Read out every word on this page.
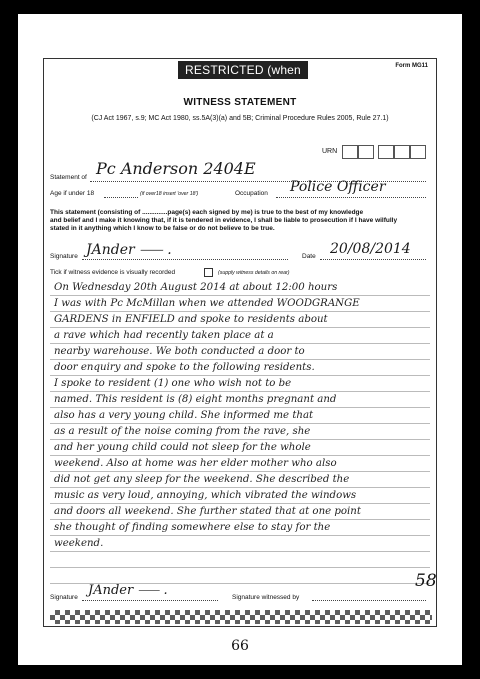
RESTRICTED (when complete)
Form MG11
WITNESS STATEMENT
(CJ Act 1967, s.9; MC Act 1980, ss.5A(3)(a) and 5B; Criminal Procedure Rules 2005, Rule 27.1)
URN
Statement of Pc Anderson 2404E
Age if under 18	(if over18 insert 'over 18')	Occupation Police Officer
This statement (consisting of ..............page(s) each signed by me) is true to the best of my knowledge
and belief and I make it knowing that, if it is tendered in evidence, I shall be liable to prosecution if I have wilfully
stated in it anything which I know to be false or do not believe to be true.
Signature JAnder ⸺ .	Date 20/08/2014
Tick if witness evidence is visually recorded	(supply witness details on rear)
On Wednesday 20th August 2014 at about 12:00 hours
I was with Pc McMillan when we attended WOODGRANGE
GARDENS in ENFIELD and spoke to residents about
a rave which had recently taken place at a
nearby warehouse. We both conducted a door to
door enquiry and spoke to the following residents.
I spoke to resident (1) one who wish not to be
named. This resident is (8) eight months pregnant and
also has a very young child. She informed me that
as a result of the noise coming from the rave, she
and her young child could not sleep for the whole
weekend. Also at home was her elder mother who also
did not get any sleep for the weekend. She described the
music as very loud, annoying, which vibrated the windows
and doors all weekend. She further stated that at one point
she thought of finding somewhere else to stay for the
weekend.
Signature JAnder ⸺ .	Signature witnessed by
58
66
